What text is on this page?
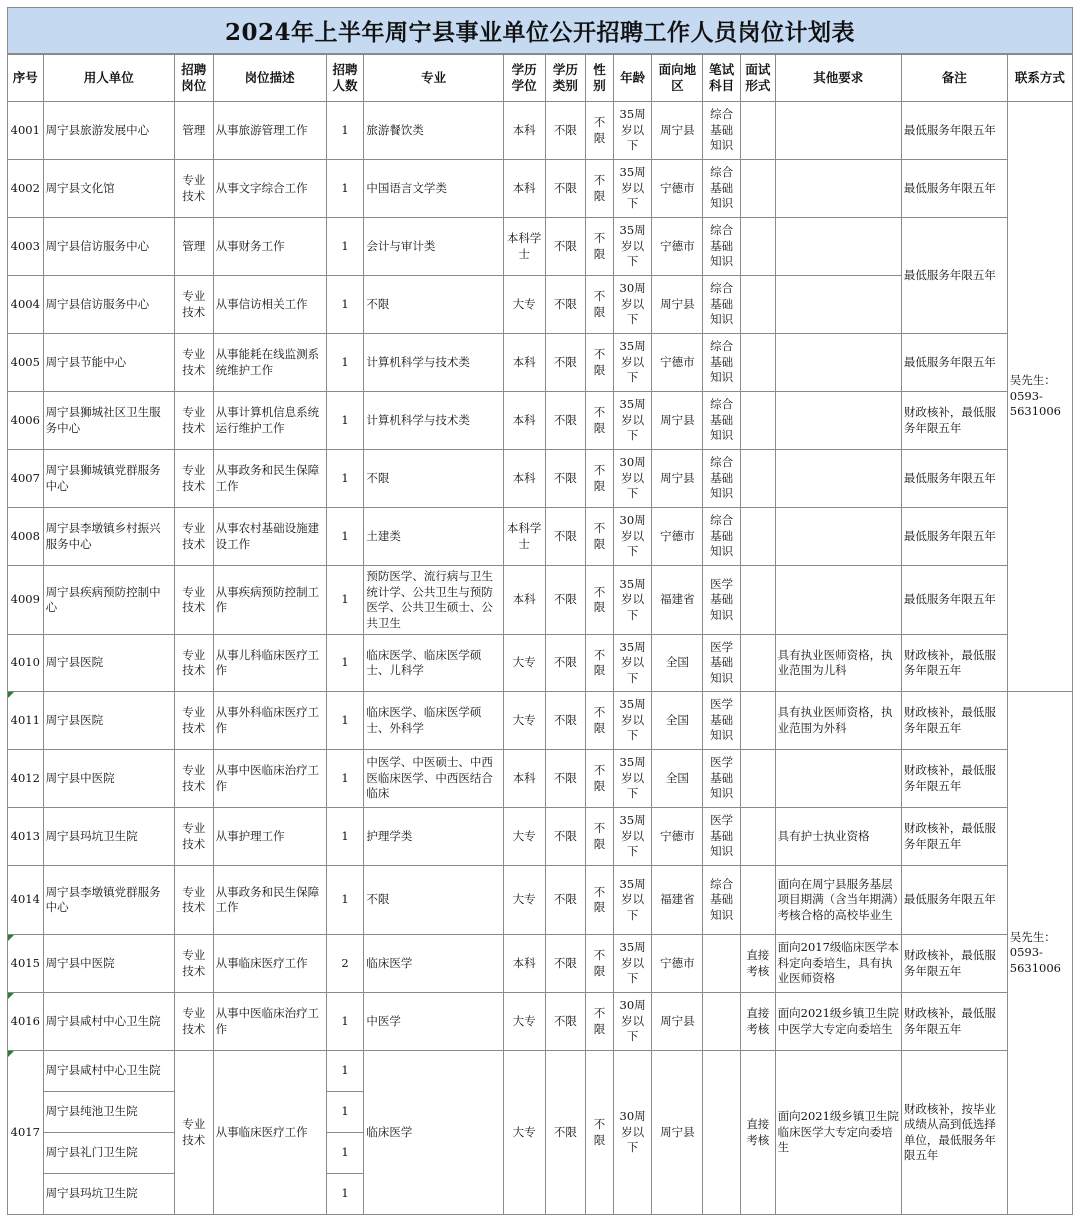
2024年上半年周宁县事业单位公开招聘工作人员岗位计划表
序号	用人单位	招聘岗位	岗位描述	招聘人数	专业	学历学位	学历类别	性别	年龄	面向地区	笔试科目	面试形式	其他要求	备注	联系方式
4001	周宁县旅游发展中心	管理	从事旅游管理工作	1	旅游餐饮类	本科	不限	不限	35周岁以下	周宁县	综合基础知识			最低服务年限五年	吴先生：0593-5631006
4002	周宁县文化馆	专业技术	从事文字综合工作	1	中国语言文学类	本科	不限	不限	35周岁以下	宁德市	综合基础知识			最低服务年限五年	
4003	周宁县信访服务中心	管理	从事财务工作	1	会计与审计类	本科学士	不限	不限	35周岁以下	宁德市	综合基础知识			最低服务年限五年	
4004	周宁县信访服务中心	专业技术	从事信访相关工作	1	不限	大专	不限	不限	30周岁以下	周宁县	综合基础知识				
4005	周宁县节能中心	专业技术	从事能耗在线监测系统维护工作	1	计算机科学与技术类	本科	不限	不限	35周岁以下	宁德市	综合基础知识			最低服务年限五年	
4006	周宁县狮城社区卫生服务中心	专业技术	从事计算机信息系统运行维护工作	1	计算机科学与技术类	本科	不限	不限	35周岁以下	周宁县	综合基础知识			财政核补，最低服务年限五年	
4007	周宁县狮城镇党群服务中心	专业技术	从事政务和民生保障工作	1	不限	本科	不限	不限	30周岁以下	周宁县	综合基础知识			最低服务年限五年	
4008	周宁县李墩镇乡村振兴服务中心	专业技术	从事农村基础设施建设工作	1	土建类	本科学士	不限	不限	30周岁以下	宁德市	综合基础知识			最低服务年限五年	
4009	周宁县疾病预防控制中心	专业技术	从事疾病预防控制工作	1	预防医学、流行病与卫生统计学、公共卫生与预防医学、公共卫生硕士、公共卫生	本科	不限	不限	35周岁以下	福建省	医学基础知识			最低服务年限五年	
4010	周宁县医院	专业技术	从事儿科临床医疗工作	1	临床医学、临床医学硕士、儿科学	大专	不限	不限	35周岁以下	全国	医学基础知识		具有执业医师资格，执业范围为儿科	财政核补，最低服务年限五年	
4011	周宁县医院	专业技术	从事外科临床医疗工作	1	临床医学、临床医学硕士、外科学	大专	不限	不限	35周岁以下	全国	医学基础知识		具有执业医师资格，执业范围为外科	财政核补，最低服务年限五年	吴先生：0593-5631006
4012	周宁县中医院	专业技术	从事中医临床治疗工作	1	中医学、中医硕士、中西医临床医学、中西医结合临床	本科	不限	不限	35周岁以下	全国	医学基础知识			财政核补，最低服务年限五年	
4013	周宁县玛坑卫生院	专业技术	从事护理工作	1	护理学类	大专	不限	不限	35周岁以下	宁德市	医学基础知识		具有护士执业资格	财政核补，最低服务年限五年	
4014	周宁县李墩镇党群服务中心	专业技术	从事政务和民生保障工作	1	不限	大专	不限	不限	35周岁以下	福建省	综合基础知识		面向在周宁县服务基层项目期满（含当年期满）考核合格的高校毕业生	最低服务年限五年	
4015	周宁县中医院	专业技术	从事临床医疗工作	2	临床医学	本科	不限	不限	35周岁以下	宁德市		直接考核	面向2017级临床医学本科定向委培生，具有执业医师资格	财政核补，最低服务年限五年	
4016	周宁县咸村中心卫生院	专业技术	从事中医临床治疗工作	1	中医学	大专	不限	不限	30周岁以下	周宁县		直接考核	面向2021级乡镇卫生院中医学大专定向委培生	财政核补，最低服务年限五年	
4017	周宁县咸村中心卫生院	专业技术	从事临床医疗工作	1	临床医学	大专	不限	不限	30周岁以下	周宁县		直接考核	面向2021级乡镇卫生院临床医学大专定向委培生	财政核补，按毕业成绩从高到低选择单位，最低服务年限五年	
	周宁县纯池卫生院			1											
	周宁县礼门卫生院			1											
	周宁县玛坑卫生院			1											
